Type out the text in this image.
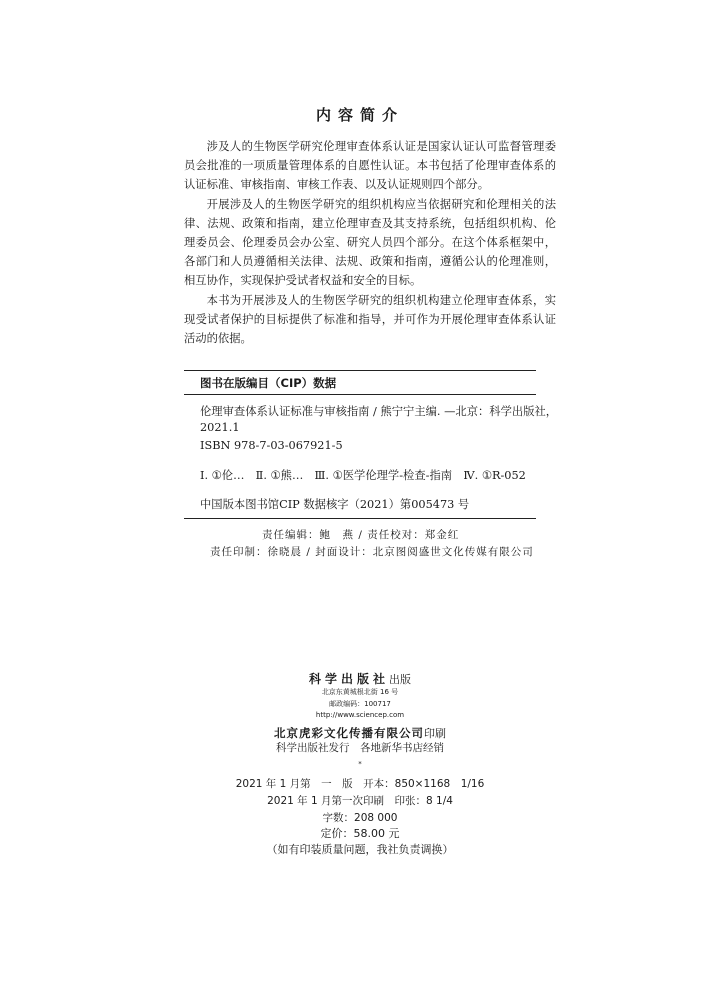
内容简介

涉及人的生物医学研究伦理审查体系认证是国家认证认可监督管理委员会批准的一项质量管理体系的自愿性认证。本书包括了伦理审查体系的认证标准、审核指南、审核工作表、以及认证规则四个部分。

开展涉及人的生物医学研究的组织机构应当依据研究和伦理相关的法律、法规、政策和指南，建立伦理审查及其支持系统，包括组织机构、伦理委员会、伦理委员会办公室、研究人员四个部分。在这个体系框架中，各部门和人员遵循相关法律、法规、政策和指南，遵循公认的伦理准则，相互协作，实现保护受试者权益和安全的目标。

本书为开展涉及人的生物医学研究的组织机构建立伦理审查体系，实现受试者保护的目标提供了标准和指导，并可作为开展伦理审查体系认证活动的依据。

图书在版编目（CIP）数据
伦理审查体系认证标准与审核指南 / 熊宁宁主编. —北京：科学出版社，
2021.1
ISBN 978-7-03-067921-5
Ⅰ. ①伦…　Ⅱ. ①熊…　Ⅲ. ①医学伦理学-检查-指南　Ⅳ. ①R-052
中国版本图书馆CIP 数据核字（2021）第005473 号
责任编辑：鲍　燕 / 责任校对：郑金红
责任印制：徐晓晨 / 封面设计：北京图阅盛世文化传媒有限公司
科学出版社出版
北京东黄城根北街 16 号
邮政编码：100717
http://www.sciencep.com
北京虎彩文化传播有限公司印刷
科学出版社发行　各地新华书店经销
*
2021 年 1 月第　一　版　开本：850×1168　1/16
2021 年 1 月第一次印刷　印张：8 1/4
字数：208 000
定价：58.00 元
（如有印装质量问题，我社负责调换）
